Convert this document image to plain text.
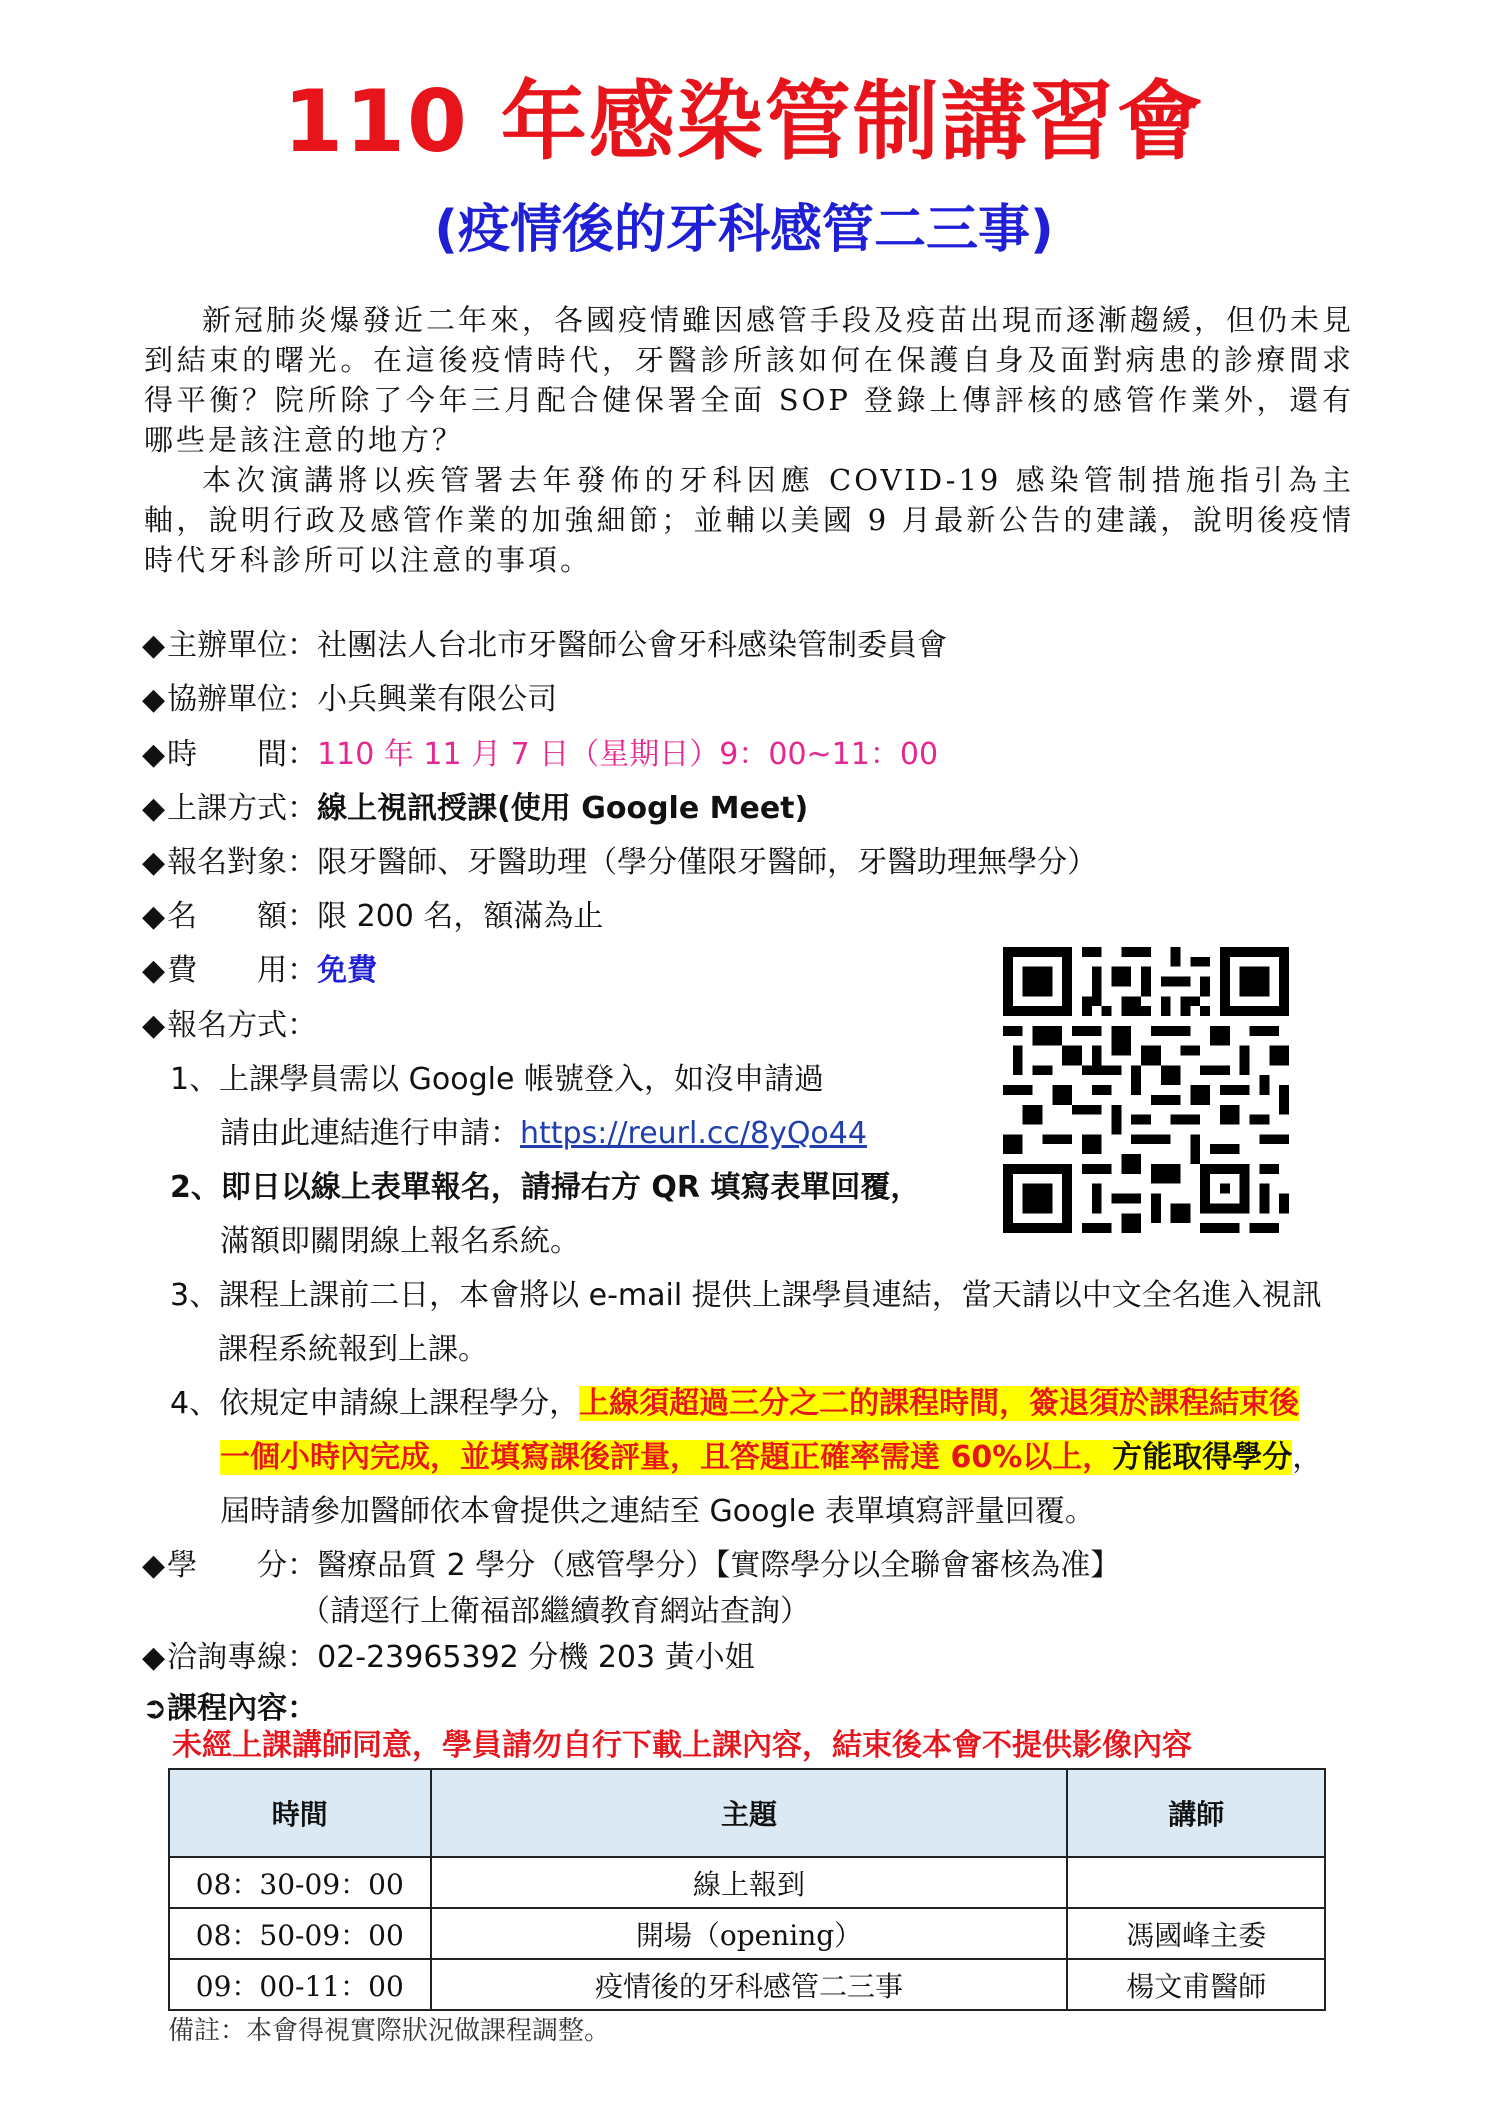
110 年感染管制講習會
(疫情後的牙科感管二三事)

新冠肺炎爆發近二年來，各國疫情雖因感管手段及疫苗出現而逐漸趨緩，但仍未見到結束的曙光。在這後疫情時代，牙醫診所該如何在保護自身及面對病患的診療間求得平衡？院所除了今年三月配合健保署全面 SOP 登錄上傳評核的感管作業外，還有哪些是該注意的地方？

本次演講將以疾管署去年發佈的牙科因應 COVID-19 感染管制措施指引為主軸，說明行政及感管作業的加強細節；並輔以美國 9 月最新公告的建議，說明後疫情時代牙科診所可以注意的事項。

◆主辦單位：社團法人台北市牙醫師公會牙科感染管制委員會
◆協辦單位：小兵興業有限公司
◆時　　間：110 年 11 月 7 日（星期日）9：00~11：00
◆上課方式：線上視訊授課(使用 Google Meet)
◆報名對象：限牙醫師、牙醫助理（學分僅限牙醫師，牙醫助理無學分）
◆名　　額：限 200 名，額滿為止
◆費　　用：免費
◆報名方式：
1、上課學員需以 Google 帳號登入，如沒申請過
請由此連結進行申請：https://reurl.cc/8yQo44
2、即日以線上表單報名，請掃右方 QR 填寫表單回覆，
滿額即關閉線上報名系統。
3、課程上課前二日，本會將以 e-mail 提供上課學員連結，當天請以中文全名進入視訊
課程系統報到上課。
4、依規定申請線上課程學分，上線須超過三分之二的課程時間，簽退須於課程結束後
一個小時內完成，並填寫課後評量，且答題正確率需達 60%以上，方能取得學分，
屆時請參加醫師依本會提供之連結至 Google 表單填寫評量回覆。
◆學　　分：醫療品質 2 學分（感管學分）【實際學分以全聯會審核為准】
（請逕行上衛福部繼續教育網站查詢）
◆洽詢專線：02-23965392 分機 203 黃小姐
➲課程內容：
未經上課講師同意，學員請勿自行下載上課內容，結束後本會不提供影像內容
時間	主題	講師
08：30-09：00	線上報到	
08：50-09：00	開場（opening）	馮國峰主委
09：00-11：00	疫情後的牙科感管二三事	楊文甫醫師
備註：本會得視實際狀況做課程調整。
